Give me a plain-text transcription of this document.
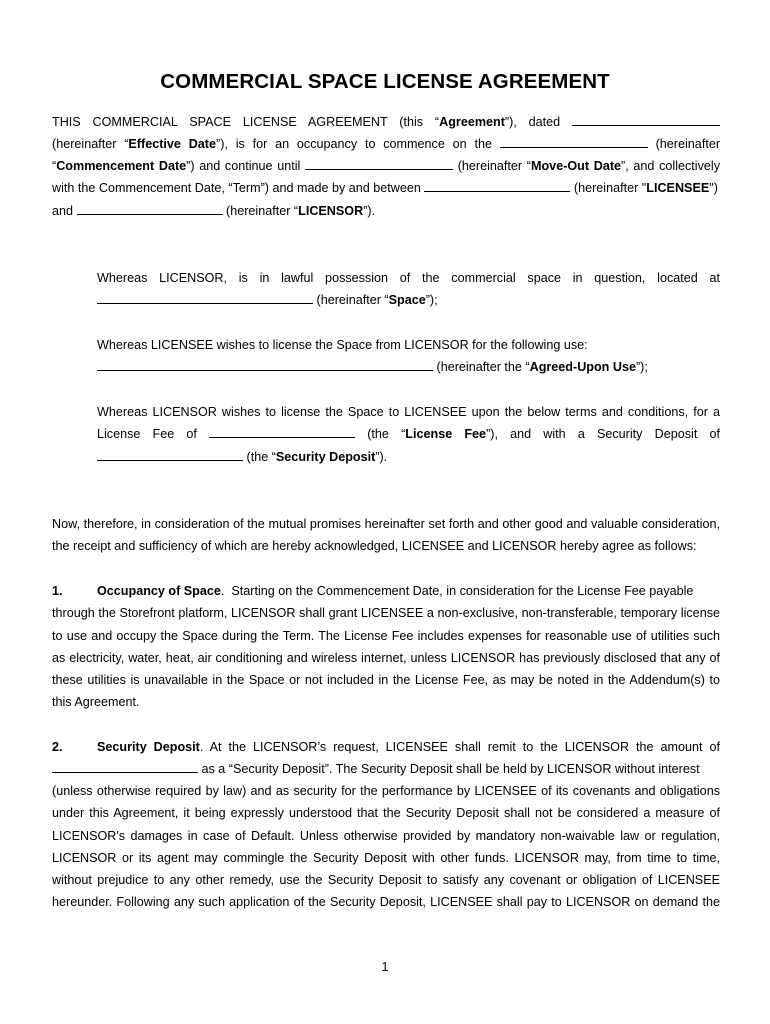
COMMERCIAL SPACE LICENSE AGREEMENT
THIS COMMERCIAL SPACE LICENSE AGREEMENT (this “Agreement”), dated
(hereinafter “Effective Date”), is for an occupancy to commence on the	(hereinafter
“Commencement Date”) and continue until	(hereinafter “Move-Out Date”, and collectively
with the Commencement Date, “Term”) and made by and between	(hereinafter "LICENSEE")
and	(hereinafter “LICENSOR”).
Whereas LICENSOR, is in lawful possession of the commercial space in question, located at
(hereinafter “Space”);
Whereas LICENSEE wishes to license the Space from LICENSOR for the following use:
(hereinafter the “Agreed-Upon Use”);
Whereas LICENSOR wishes to license the Space to LICENSEE upon the below terms and conditions, for a
License Fee of	(the “License Fee”), and with a Security Deposit of
(the “Security Deposit”).
Now, therefore, in consideration of the mutual promises hereinafter set forth and other good and valuable consideration,
the receipt and sufficiency of which are hereby acknowledged, LICENSEE and LICENSOR hereby agree as follows:
1.	Occupancy of Space.  Starting on the Commencement Date, in consideration for the License Fee payable
through the Storefront platform, LICENSOR shall grant LICENSEE a non-exclusive, non-transferable, temporary license
to use and occupy the Space during the Term. The License Fee includes expenses for reasonable use of utilities such
as electricity, water, heat, air conditioning and wireless internet, unless LICENSOR has previously disclosed that any of
these utilities is unavailable in the Space or not included in the License Fee, as may be noted in the Addendum(s) to
this Agreement.
2.	Security Deposit. At the LICENSOR’s request, LICENSEE shall remit to the LICENSOR the amount of
as a “Security Deposit”. The Security Deposit shall be held by LICENSOR without interest
(unless otherwise required by law) and as security for the performance by LICENSEE of its covenants and obligations
under this Agreement, it being expressly understood that the Security Deposit shall not be considered a measure of
LICENSOR's damages in case of Default. Unless otherwise provided by mandatory non-waivable law or regulation,
LICENSOR or its agent may commingle the Security Deposit with other funds. LICENSOR may, from time to time,
without prejudice to any other remedy, use the Security Deposit to satisfy any covenant or obligation of LICENSEE
hereunder. Following any such application of the Security Deposit, LICENSEE shall pay to LICENSOR on demand the
1
